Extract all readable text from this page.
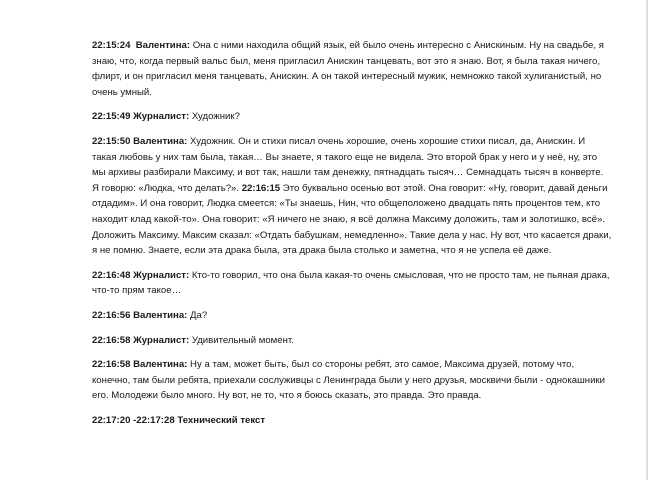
22:15:24 Валентина: Она с ними находила общий язык, ей было очень интересно с Анискиным. Ну на свадьбе, я знаю, что, когда первый вальс был, меня пригласил Анискин танцевать, вот это я знаю. Вот, я была такая ничего, флирт, и он пригласил меня танцевать, Анискин. А он такой интересный мужик, немножко такой хулиганистый, но очень умный.

22:15:49 Журналист: Художник?

22:15:50 Валентина: Художник. Он и стихи писал очень хорошие, очень хорошие стихи писал, да, Анискин. И такая любовь у них там была, такая… Вы знаете, я такого еще не видела. Это второй брак у него и у неё, ну, это мы архивы разбирали Максиму, и вот так, нашли там денежку, пятнадцать тысяч… Семнадцать тысяч в конверте. Я говорю: «Людка, что делать?». 22:16:15 Это буквально осенью вот этой. Она говорит: «Ну, говорит, давай деньги отдадим». И она говорит, Людка смеется: «Ты знаешь, Нин, что общеположено двадцать пять процентов тем, кто находит клад какой-то». Она говорит: «Я ничего не знаю, я всё должна Максиму доложить, там и золотишко, всё». Доложить Максиму. Максим сказал: «Отдать бабушкам, немедленно». Такие дела у нас. Ну вот, что касается драки, я не помню. Знаете, если эта драка была, эта драка была столько и заметна, что я не успела её даже.

22:16:48 Журналист: Кто-то говорил, что она была какая-то очень смысловая, что не просто там, не пьяная драка, что-то прям такое…

22:16:56 Валентина: Да?

22:16:58 Журналист: Удивительный момент.

22:16:58 Валентина: Ну а там, может быть, был со стороны ребят, это самое, Максима друзей, потому что, конечно, там были ребята, приехали сослуживцы с Ленинграда были у него друзья, москвичи были - однокашники его. Молодежи было много. Ну вот, не то, что я боюсь сказать, это правда. Это правда.

22:17:20 -22:17:28 Технический текст
